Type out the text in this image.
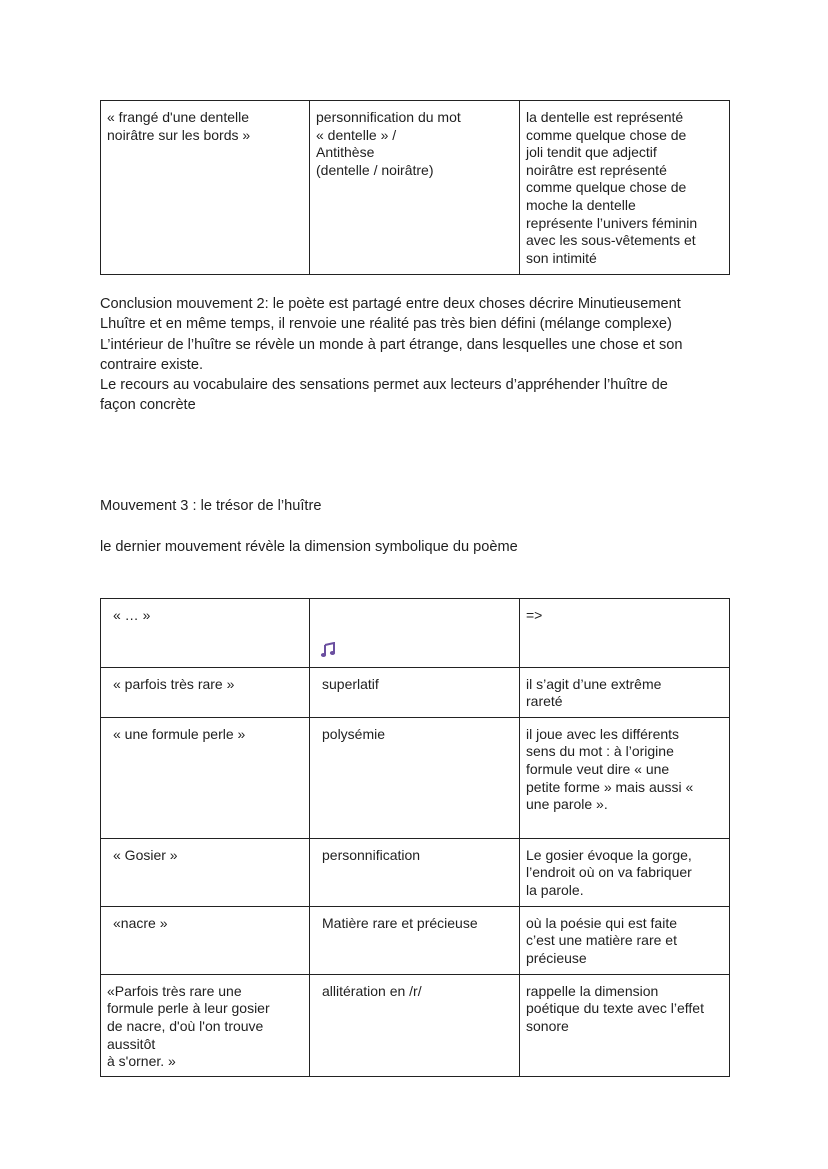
« frangé d'une dentelle
noirâtre sur les bords »	personnification du mot
« dentelle » /
Antithèse
(dentelle / noirâtre)	la dentelle est représenté
comme quelque chose de
joli tendit que adjectif
noirâtre est représenté
comme quelque chose de
moche la dentelle
représente l’univers féminin
avec les sous-vêtements et
son intimité
Conclusion mouvement 2: le poète est partagé entre deux choses décrire Minutieusement
Lhuître et en même temps, il renvoie une réalité pas très bien défini (mélange complexe)
L’intérieur de l’huître se révèle un monde à part étrange, dans lesquelles une chose et son
contraire existe.
Le recours au vocabulaire des sensations permet aux lecteurs d’appréhender l’huître de
façon concrète

Mouvement 3 : le trésor de l’huître

le dernier mouvement révèle la dimension symbolique du poème

« … »		=>
« parfois très rare »	superlatif	il s’agit d’une extrême
rareté
« une formule perle »	polysémie	il joue avec les différents
sens du mot : à l’origine
formule veut dire « une
petite forme » mais aussi «
une parole ».
« Gosier »	personnification	Le gosier évoque la gorge,
l’endroit où on va fabriquer
la parole.
«nacre »	Matière rare et précieuse	où la poésie qui est faite
c’est une matière rare et
précieuse
«Parfois très rare une
formule perle à leur gosier
de nacre, d'où l'on trouve
aussitôt
à s'orner. »	allitération en /r/	rappelle la dimension
poétique du texte avec l’effet
sonore
